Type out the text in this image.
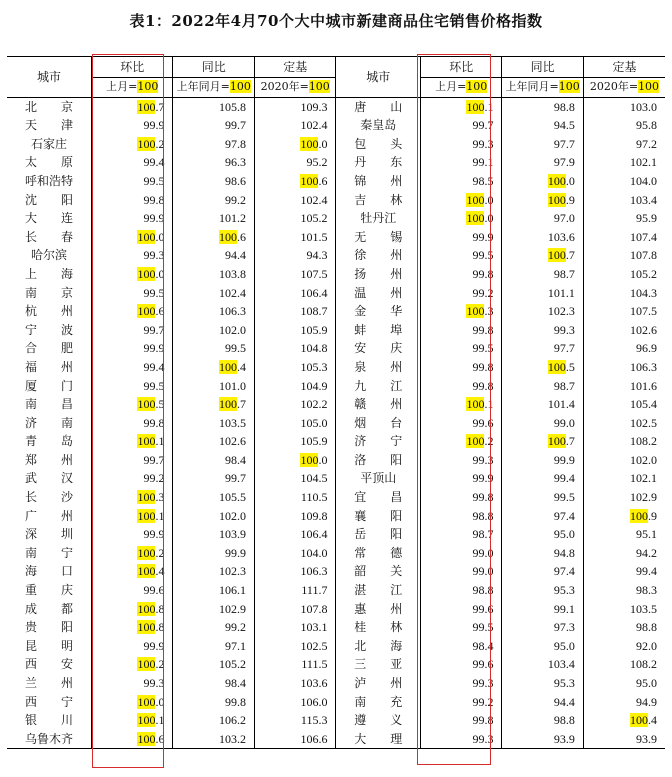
表1：2022年4月70个大中城市新建商品住宅销售价格指数
城市	环比	同比	定基	城市	环比	同比	定基
	上月=100	上年同月=100	2020年=100		上月=100	上年同月=100	2020年=100
北　　京	100.7	105.8	109.3	唐　　山	100.1	98.8	103.0
天　　津	99.9	99.7	102.4	秦皇岛	99.7	94.5	95.8
石家庄	100.2	97.8	100.0	包　　头	99.3	97.7	97.2
太　　原	99.4	96.3	95.2	丹　　东	99.1	97.9	102.1
呼和浩特	99.5	98.6	100.6	锦　　州	98.5	100.0	104.0
沈　　阳	99.8	99.2	102.4	吉　　林	100.0	100.9	103.4
大　　连	99.9	101.2	105.2	牡丹江	100.0	97.0	95.9
长　　春	100.0	100.6	101.5	无　　锡	99.9	103.6	107.4
哈尔滨	99.3	94.4	94.3	徐　　州	99.5	100.7	107.8
上　　海	100.0	103.8	107.5	扬　　州	99.8	98.7	105.2
南　　京	99.5	102.4	106.4	温　　州	99.2	101.1	104.3
杭　　州	100.6	106.3	108.7	金　　华	100.3	102.3	107.5
宁　　波	99.7	102.0	105.9	蚌　　埠	99.8	99.3	102.6
合　　肥	99.9	99.5	104.8	安　　庆	99.5	97.7	96.9
福　　州	99.4	100.4	105.3	泉　　州	99.8	100.5	106.3
厦　　门	99.5	101.0	104.9	九　　江	99.8	98.7	101.6
南　　昌	100.5	100.7	102.2	赣　　州	100.1	101.4	105.4
济　　南	99.8	103.5	105.0	烟　　台	99.6	99.0	102.5
青　　岛	100.1	102.6	105.9	济　　宁	100.2	100.7	108.2
郑　　州	99.7	98.4	100.0	洛　　阳	99.3	99.9	102.0
武　　汉	99.2	99.7	104.5	平顶山	99.9	99.4	102.1
长　　沙	100.3	105.5	110.5	宜　　昌	99.8	99.5	102.9
广　　州	100.1	102.0	109.8	襄　　阳	98.8	97.4	100.9
深　　圳	99.9	103.9	106.4	岳　　阳	98.7	95.0	95.1
南　　宁	100.2	99.9	104.0	常　　德	99.0	94.8	94.2
海　　口	100.4	102.3	106.3	韶　　关	99.0	97.4	99.4
重　　庆	99.6	106.1	111.7	湛　　江	98.8	95.3	98.3
成　　都	100.8	102.9	107.8	惠　　州	99.6	99.1	103.5
贵　　阳	100.8	99.2	103.1	桂　　林	99.5	97.3	98.8
昆　　明	99.9	97.1	102.5	北　　海	98.4	95.0	92.0
西　　安	100.2	105.2	111.5	三　　亚	99.6	103.4	108.2
兰　　州	99.3	98.4	103.6	泸　　州	99.3	95.3	95.0
西　　宁	100.0	99.8	106.0	南　　充	99.2	94.4	94.9
银　　川	100.1	106.2	115.3	遵　　义	99.8	98.8	100.4
乌鲁木齐	100.6	103.2	106.6	大　　理	99.3	93.9	93.9
